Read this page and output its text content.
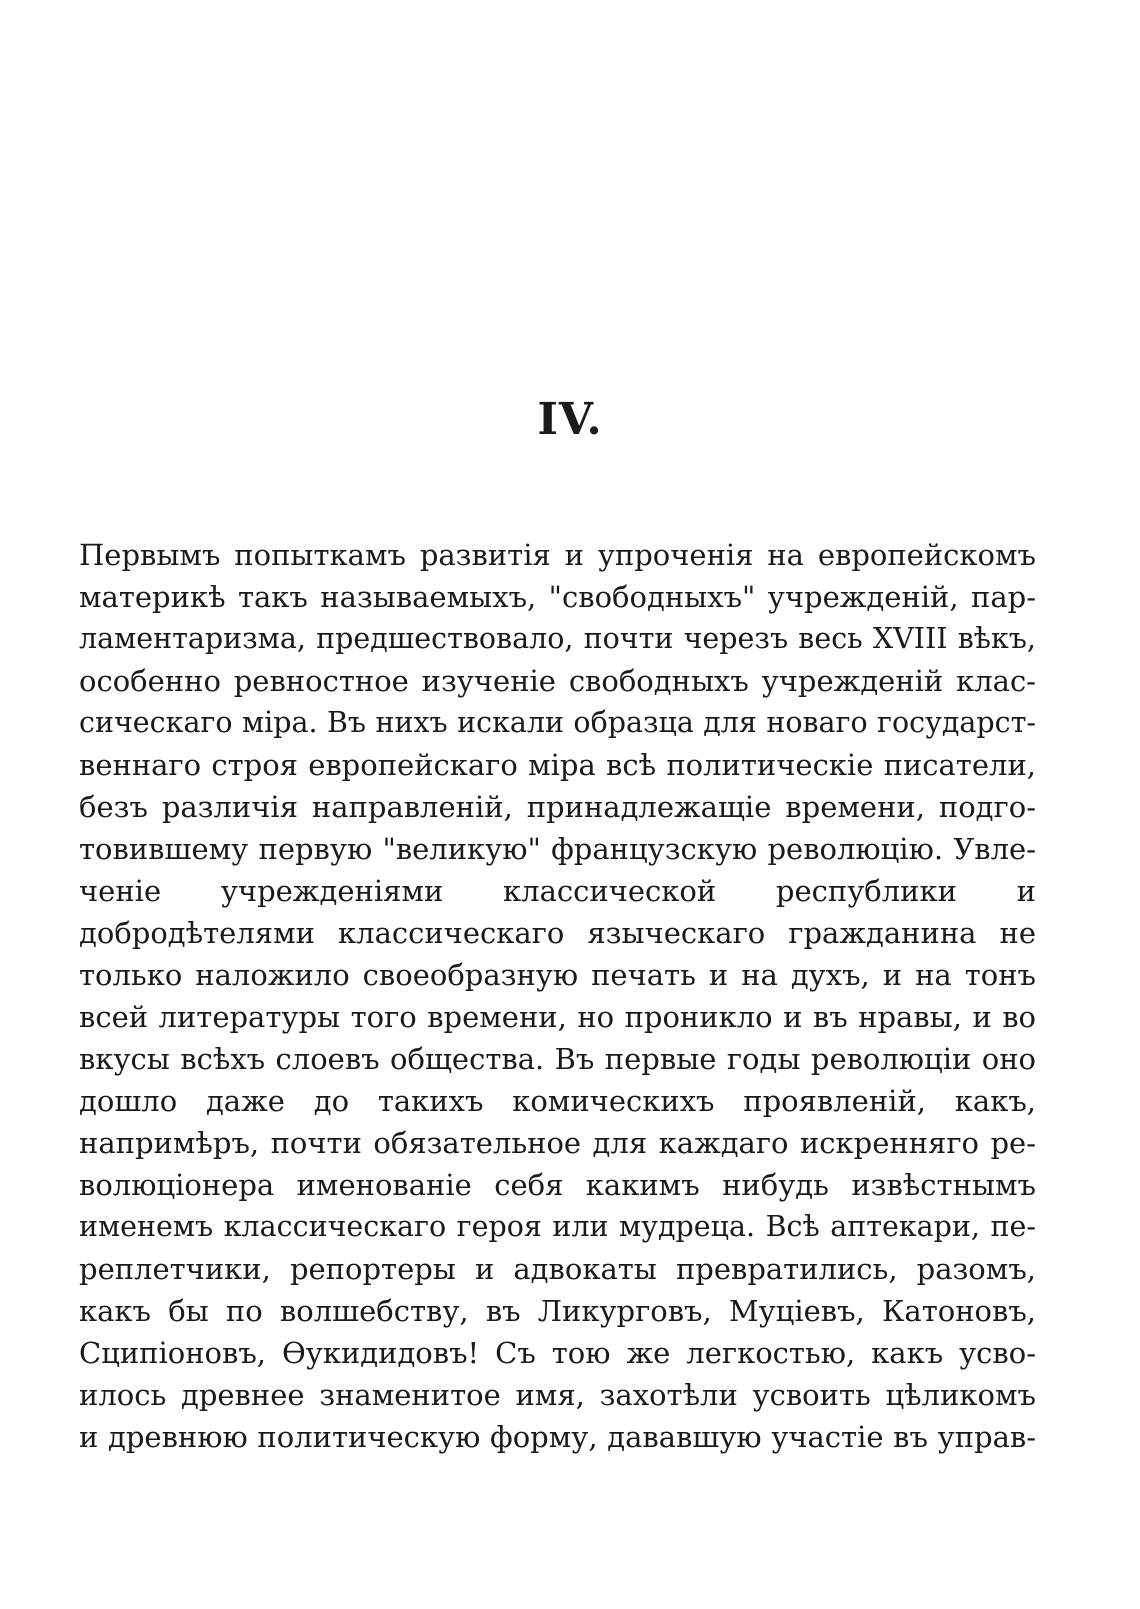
IV.
Первымъ попыткамъ развитія и упроченія на европейскомъ
материкѣ такъ называемыхъ, "свободныхъ" учрежденій, пар-
ламентаризма, предшествовало, почти черезъ весь XVIII вѣкъ,
особенно ревностное изученіе свободныхъ учрежденій клас-
сическаго міра. Въ нихъ искали образца для новаго государст-
веннаго строя европейскаго міра всѣ политическіе писатели,
безъ различія направленій, принадлежащіе времени, подго-
товившему первую "великую" французскую революцію. Увле-
ченіе учрежденіями классической республики и
добродѣтелями классическаго языческаго гражданина не
только наложило своеобразную печать и на духъ, и на тонъ
всей литературы того времени, но проникло и въ нравы, и во
вкусы всѣхъ слоевъ общества. Въ первые годы революціи оно
дошло даже до такихъ комическихъ проявленій, какъ,
напримѣръ, почти обязательное для каждаго искренняго ре-
волюціонера именованіе себя какимъ нибудь извѣстнымъ
именемъ классическаго героя или мудреца. Всѣ аптекари, пе-
реплетчики, репортеры и адвокаты превратились, разомъ,
какъ бы по волшебству, въ Ликурговъ, Муціевъ, Катоновъ,
Сципіоновъ, Ѳукидидовъ! Съ тою же легкостью, какъ усво-
илось древнее знаменитое имя, захотѣли усвоить цѣликомъ
и древнюю политическую форму, дававшую участіе въ управ-
